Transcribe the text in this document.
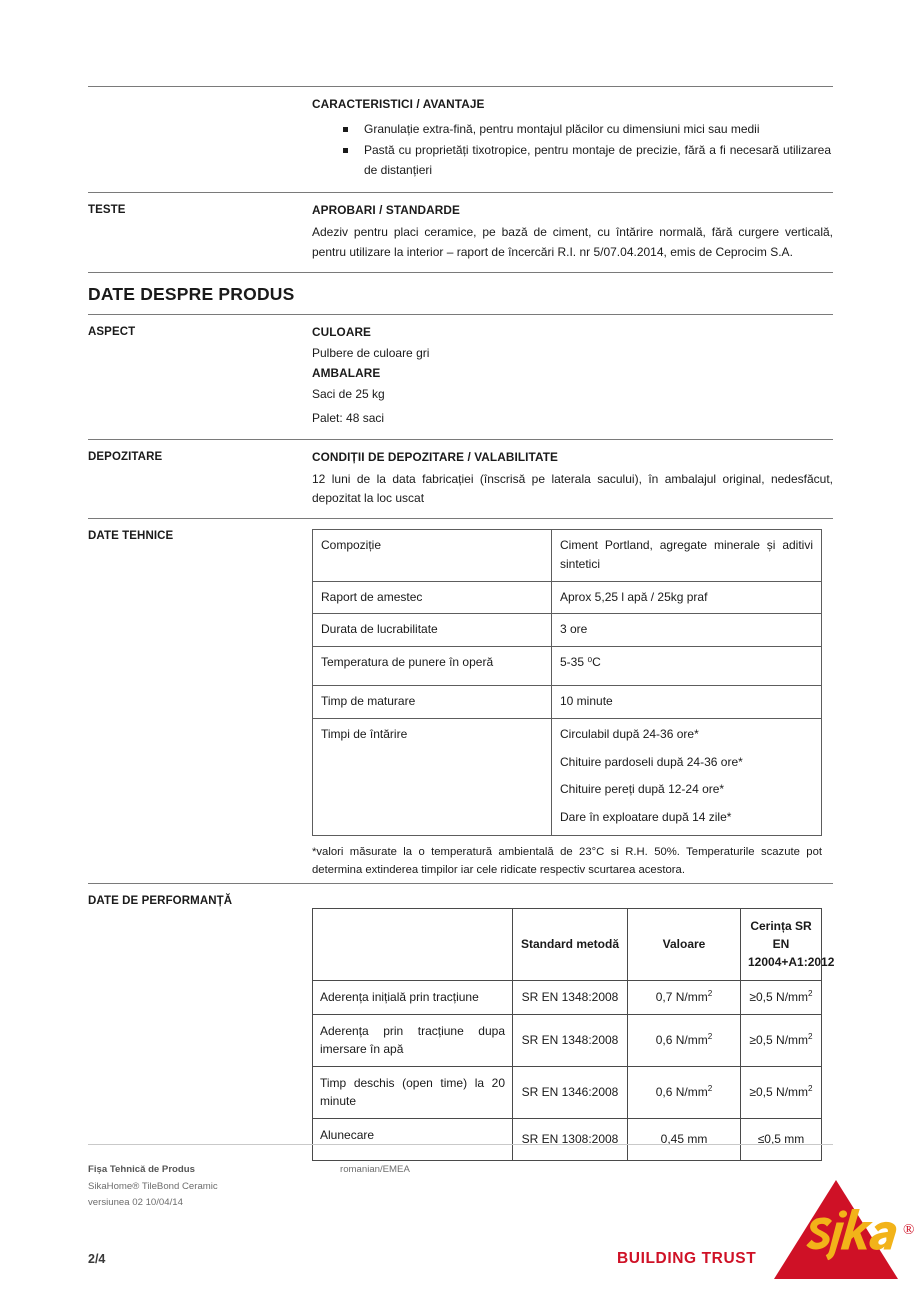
CARACTERISTICI / AVANTAJE
Granulație extra-fină, pentru montajul plăcilor cu dimensiuni mici sau medii
Pastă cu proprietăți tixotropice, pentru montaje de precizie, fără a fi necesară utilizarea de distanțieri
TESTE	APROBARI / STANDARDE

Adeziv pentru placi ceramice, pe bază de ciment, cu întărire normală, fără curgere verticală, pentru utilizare la interior – raport de încercări R.I. nr 5/07.04.2014, emis de Ceprocim S.A.

DATE DESPRE PRODUS
ASPECT	CULOARE

Pulbere de culoare gri

AMBALARE

Saci de 25 kg

Palet: 48 saci

DEPOZITARE	CONDIȚII DE DEPOZITARE / VALABILITATE

12 luni de la data fabricației (înscrisă pe laterala sacului), în ambalajul original, nedesfăcut, depozitat la loc uscat

DATE TEHNICE
Compoziție	Ciment Portland, agregate minerale și aditivi sintetici
Raport de amestec	Aprox 5,25 l apă / 25kg praf
Durata de lucrabilitate	3 ore
Temperatura de punere în operă	5-35 ⁰C
Timp de maturare	10 minute
Timpi de întărire	Circulabil după 24-36 ore*

Chituire pardoseli după 24-36 ore*

Chituire pereți după 12-24 ore*

Dare în exploatare după 14 zile*

*valori măsurate la o temperatură ambientală de 23°C si R.H. 50%. Temperaturile scazute pot determina extinderea timpilor iar cele ridicate respectiv scurtarea acestora.

DATE DE PERFORMANȚĂ
	Standard metodă	Valoare	Cerința SR EN 12004+A1:2012
Aderența inițială prin tracțiune	SR EN 1348:2008	0,7 $N/mm^2$	≥0,5 $N/mm^2$
Aderența prin tracțiune dupa imersare în apă	SR EN 1348:2008	0,6 $N/mm^2$	≥0,5 $N/mm^2$
Timp deschis (open time) la 20 minute	SR EN 1346:2008	0,6 $N/mm^2$	≥0,5 $N/mm^2$
Alunecare	SR EN 1308:2008	0,45 mm	≤0,5 mm
Fișa Tehnică de Produs
SikaHome® TileBond Ceramic
versiunea 02 10/04/14
romanian/EMEA
2/4	BUILDING TRUST
®
